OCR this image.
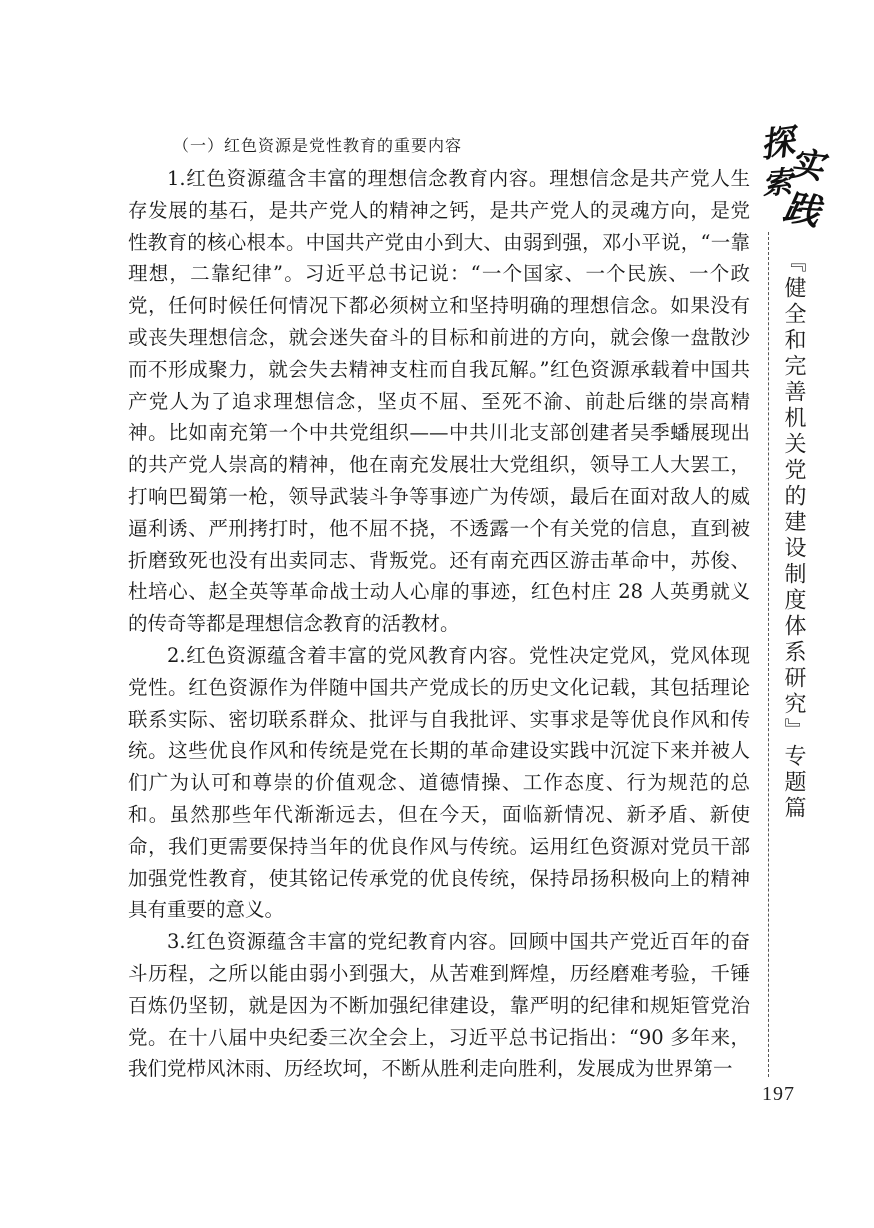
探
索
实
践
『健全和完善机关党的建设制度体系研究』专题篇

（一）红色资源是党性教育的重要内容

1.红色资源蕴含丰富的理想信念教育内容。理想信念是共产党人生存发展的基石，是共产党人的精神之钙，是共产党人的灵魂方向，是党性教育的核心根本。中国共产党由小到大、由弱到强，邓小平说，“一靠理想，二靠纪律”。习近平总书记说：“一个国家、一个民族、一个政党，任何时候任何情况下都必须树立和坚持明确的理想信念。如果没有或丧失理想信念，就会迷失奋斗的目标和前进的方向，就会像一盘散沙而不形成聚力，就会失去精神支柱而自我瓦解。”红色资源承载着中国共产党人为了追求理想信念，坚贞不屈、至死不渝、前赴后继的崇高精神。比如南充第一个中共党组织——中共川北支部创建者吴季蟠展现出的共产党人崇高的精神，他在南充发展壮大党组织，领导工人大罢工，打响巴蜀第一枪，领导武装斗争等事迹广为传颂，最后在面对敌人的威逼利诱、严刑拷打时，他不屈不挠，不透露一个有关党的信息，直到被折磨致死也没有出卖同志、背叛党。还有南充西区游击革命中，苏俊、杜培心、赵全英等革命战士动人心扉的事迹，红色村庄 28 人英勇就义的传奇等都是理想信念教育的活教材。

2.红色资源蕴含着丰富的党风教育内容。党性决定党风，党风体现党性。红色资源作为伴随中国共产党成长的历史文化记载，其包括理论联系实际、密切联系群众、批评与自我批评、实事求是等优良作风和传统。这些优良作风和传统是党在长期的革命建设实践中沉淀下来并被人们广为认可和尊崇的价值观念、道德情操、工作态度、行为规范的总和。虽然那些年代渐渐远去，但在今天，面临新情况、新矛盾、新使命，我们更需要保持当年的优良作风与传统。运用红色资源对党员干部加强党性教育，使其铭记传承党的优良传统，保持昂扬积极向上的精神具有重要的意义。

3.红色资源蕴含丰富的党纪教育内容。回顾中国共产党近百年的奋斗历程，之所以能由弱小到强大，从苦难到辉煌，历经磨难考验，千锤百炼仍坚韧，就是因为不断加强纪律建设，靠严明的纪律和规矩管党治党。在十八届中央纪委三次全会上，习近平总书记指出：“90 多年来，我们党栉风沐雨、历经坎坷，不断从胜利走向胜利，发展成为世界第一

197
